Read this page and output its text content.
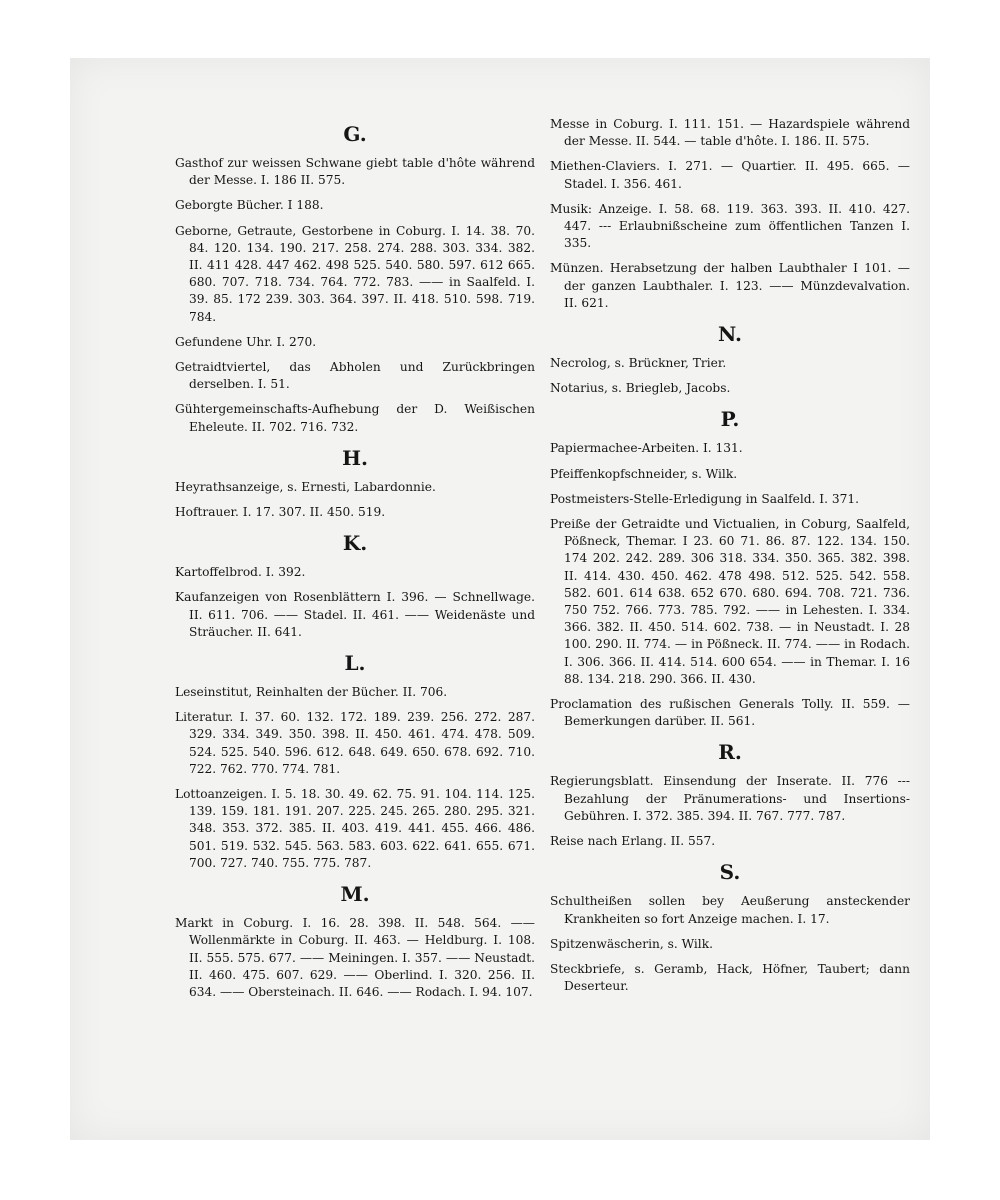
G.

Gasthof zur weissen Schwane giebt table d'hôte während der Messe. I. 186 II. 575.

Geborgte Bücher. I 188.

Geborne, Getraute, Gestorbene in Coburg. I. 14. 38. 70. 84. 120. 134. 190. 217. 258. 274. 288. 303. 334. 382. II. 411 428. 447 462. 498 525. 540. 580. 597. 612 665. 680. 707. 718. 734. 764. 772. 783. —— in Saalfeld. I. 39. 85. 172 239. 303. 364. 397. II. 418. 510. 598. 719. 784.

Gefundene Uhr. I. 270.

Getraidtviertel, das Abholen und Zurückbringen derselben. I. 51.

Gühtergemeinschafts-Aufhebung der D. Weißischen Eheleute. II. 702. 716. 732.

H.

Heyrathsanzeige, s. Ernesti, Labardonnie.

Hoftrauer. I. 17. 307. II. 450. 519.

K.

Kartoffelbrod. I. 392.

Kaufanzeigen von Rosenblättern I. 396. — Schnellwage. II. 611. 706. —— Stadel. II. 461. —— Weidenäste und Sträucher. II. 641.

L.

Leseinstitut, Reinhalten der Bücher. II. 706.

Literatur. I. 37. 60. 132. 172. 189. 239. 256. 272. 287. 329. 334. 349. 350. 398. II. 450. 461. 474. 478. 509. 524. 525. 540. 596. 612. 648. 649. 650. 678. 692. 710. 722. 762. 770. 774. 781.

Lottoanzeigen. I. 5. 18. 30. 49. 62. 75. 91. 104. 114. 125. 139. 159. 181. 191. 207. 225. 245. 265. 280. 295. 321. 348. 353. 372. 385. II. 403. 419. 441. 455. 466. 486. 501. 519. 532. 545. 563. 583. 603. 622. 641. 655. 671. 700. 727. 740. 755. 775. 787.

M.

Markt in Coburg. I. 16. 28. 398. II. 548. 564. —— Wollenmärkte in Coburg. II. 463. — Heldburg. I. 108. II. 555. 575. 677. —— Meiningen. I. 357. —— Neustadt. II. 460. 475. 607. 629. —— Oberlind. I. 320. 256. II. 634. —— Obersteinach. II. 646. —— Rodach. I. 94. 107.

Messe in Coburg. I. 111. 151. — Hazardspiele während der Messe. II. 544. — table d'hôte. I. 186. II. 575.

Miethen-Claviers. I. 271. — Quartier. II. 495. 665. — Stadel. I. 356. 461.

Musik: Anzeige. I. 58. 68. 119. 363. 393. II. 410. 427. 447. --- Erlaubnißscheine zum öffentlichen Tanzen I. 335.

Münzen. Herabsetzung der halben Laubthaler I 101. — der ganzen Laubthaler. I. 123. —— Münzdevalvation. II. 621.

N.

Necrolog, s. Brückner, Trier.

Notarius, s. Briegleb, Jacobs.

P.

Papiermachee-Arbeiten. I. 131.

Pfeiffenkopfschneider, s. Wilk.

Postmeisters-Stelle-Erledigung in Saalfeld. I. 371.

Preiße der Getraidte und Victualien, in Coburg, Saalfeld, Pößneck, Themar. I 23. 60 71. 86. 87. 122. 134. 150. 174 202. 242. 289. 306 318. 334. 350. 365. 382. 398. II. 414. 430. 450. 462. 478 498. 512. 525. 542. 558. 582. 601. 614 638. 652 670. 680. 694. 708. 721. 736. 750 752. 766. 773. 785. 792. —— in Lehesten. I. 334. 366. 382. II. 450. 514. 602. 738. — in Neustadt. I. 28 100. 290. II. 774. — in Pößneck. II. 774. —— in Rodach. I. 306. 366. II. 414. 514. 600 654. —— in Themar. I. 16 88. 134. 218. 290. 366. II. 430.

Proclamation des rußischen Generals Tolly. II. 559. — Bemerkungen darüber. II. 561.

R.

Regierungsblatt. Einsendung der Inserate. II. 776 --- Bezahlung der Pränumerations- und Insertions-Gebühren. I. 372. 385. 394. II. 767. 777. 787.

Reise nach Erlang. II. 557.

S.

Schultheißen sollen bey Aeußerung ansteckender Krankheiten so fort Anzeige machen. I. 17.

Spitzenwäscherin, s. Wilk.

Steckbriefe, s. Geramb, Hack, Höfner, Taubert; dann Deserteur.
